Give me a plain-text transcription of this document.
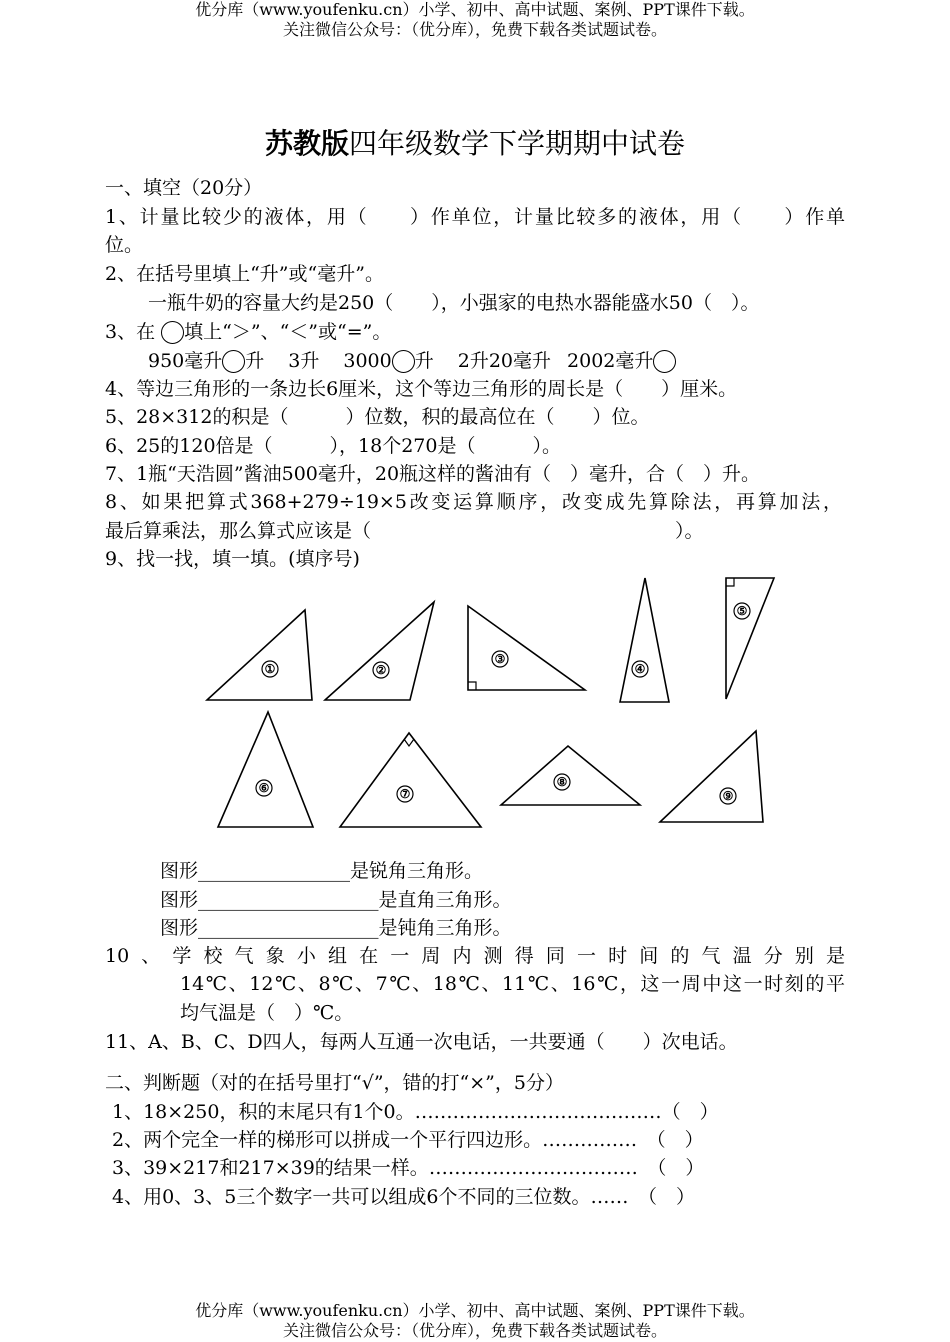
优分库（www.youfenku.cn）小学、初中、高中试题、案例、PPT课件下载。
关注微信公众号：（优分库），免费下载各类试题试卷。
苏教版四年级数学下学期期中试卷
一、填空（20分）
1、计量比较少的液体，用（　　）作单位，计量比较多的液体，用（　　）作单
位。
2、在括号里填上“升”或“毫升”。
一瓶牛奶的容量大约是250（　　），小强家的电热水器能盛水50（　）。
3、在 填上“＞”、“＜”或“=”。
950毫升 升 3升 3000 升 2升20毫升 2002毫升
4、等边三角形的一条边长6厘米，这个等边三角形的周长是（　　）厘米。
5、28×312的积是（　　　）位数，积的最高位在（　　）位。
6、25的120倍是（　　　），18个270是（　　　）。
7、1瓶“天浩圆”酱油500毫升，20瓶这样的酱油有（　）毫升，合（　）升。
8、如果把算式368+279÷19×5改变运算顺序，改变成先算除法，再算加法，
最后算乘法，那么算式应该是（　　　　　　　　　　　　　　　　）。
9、找一找，填一填。(填序号)
①	②
③
④
⑤
⑥	⑦
⑧
⑨
图形________________是锐角三角形。
图形___________________是直角三角形。
图形___________________是钝角三角形。
10、学校气象小组在一周内测得同一时间的气温分别是
14℃、12℃、8℃、7℃、18℃、11℃、16℃，这一周中这一时刻的平
均气温是（　）℃。
11、A、B、C、D四人，每两人互通一次电话，一共要通（　　）次电话。
二、判断题（对的在括号里打“√”，错的打“×”，5分）
1、18×250，积的末尾只有1个0。…………………………………（　）
2、两个完全一样的梯形可以拼成一个平行四边形。……………　（　）
3、39×217和217×39的结果一样。……………………………　（　）
4、用0、3、5三个数字一共可以组成6个不同的三位数。……　（　）
优分库（www.youfenku.cn）小学、初中、高中试题、案例、PPT课件下载。
关注微信公众号：（优分库），免费下载各类试题试卷。
